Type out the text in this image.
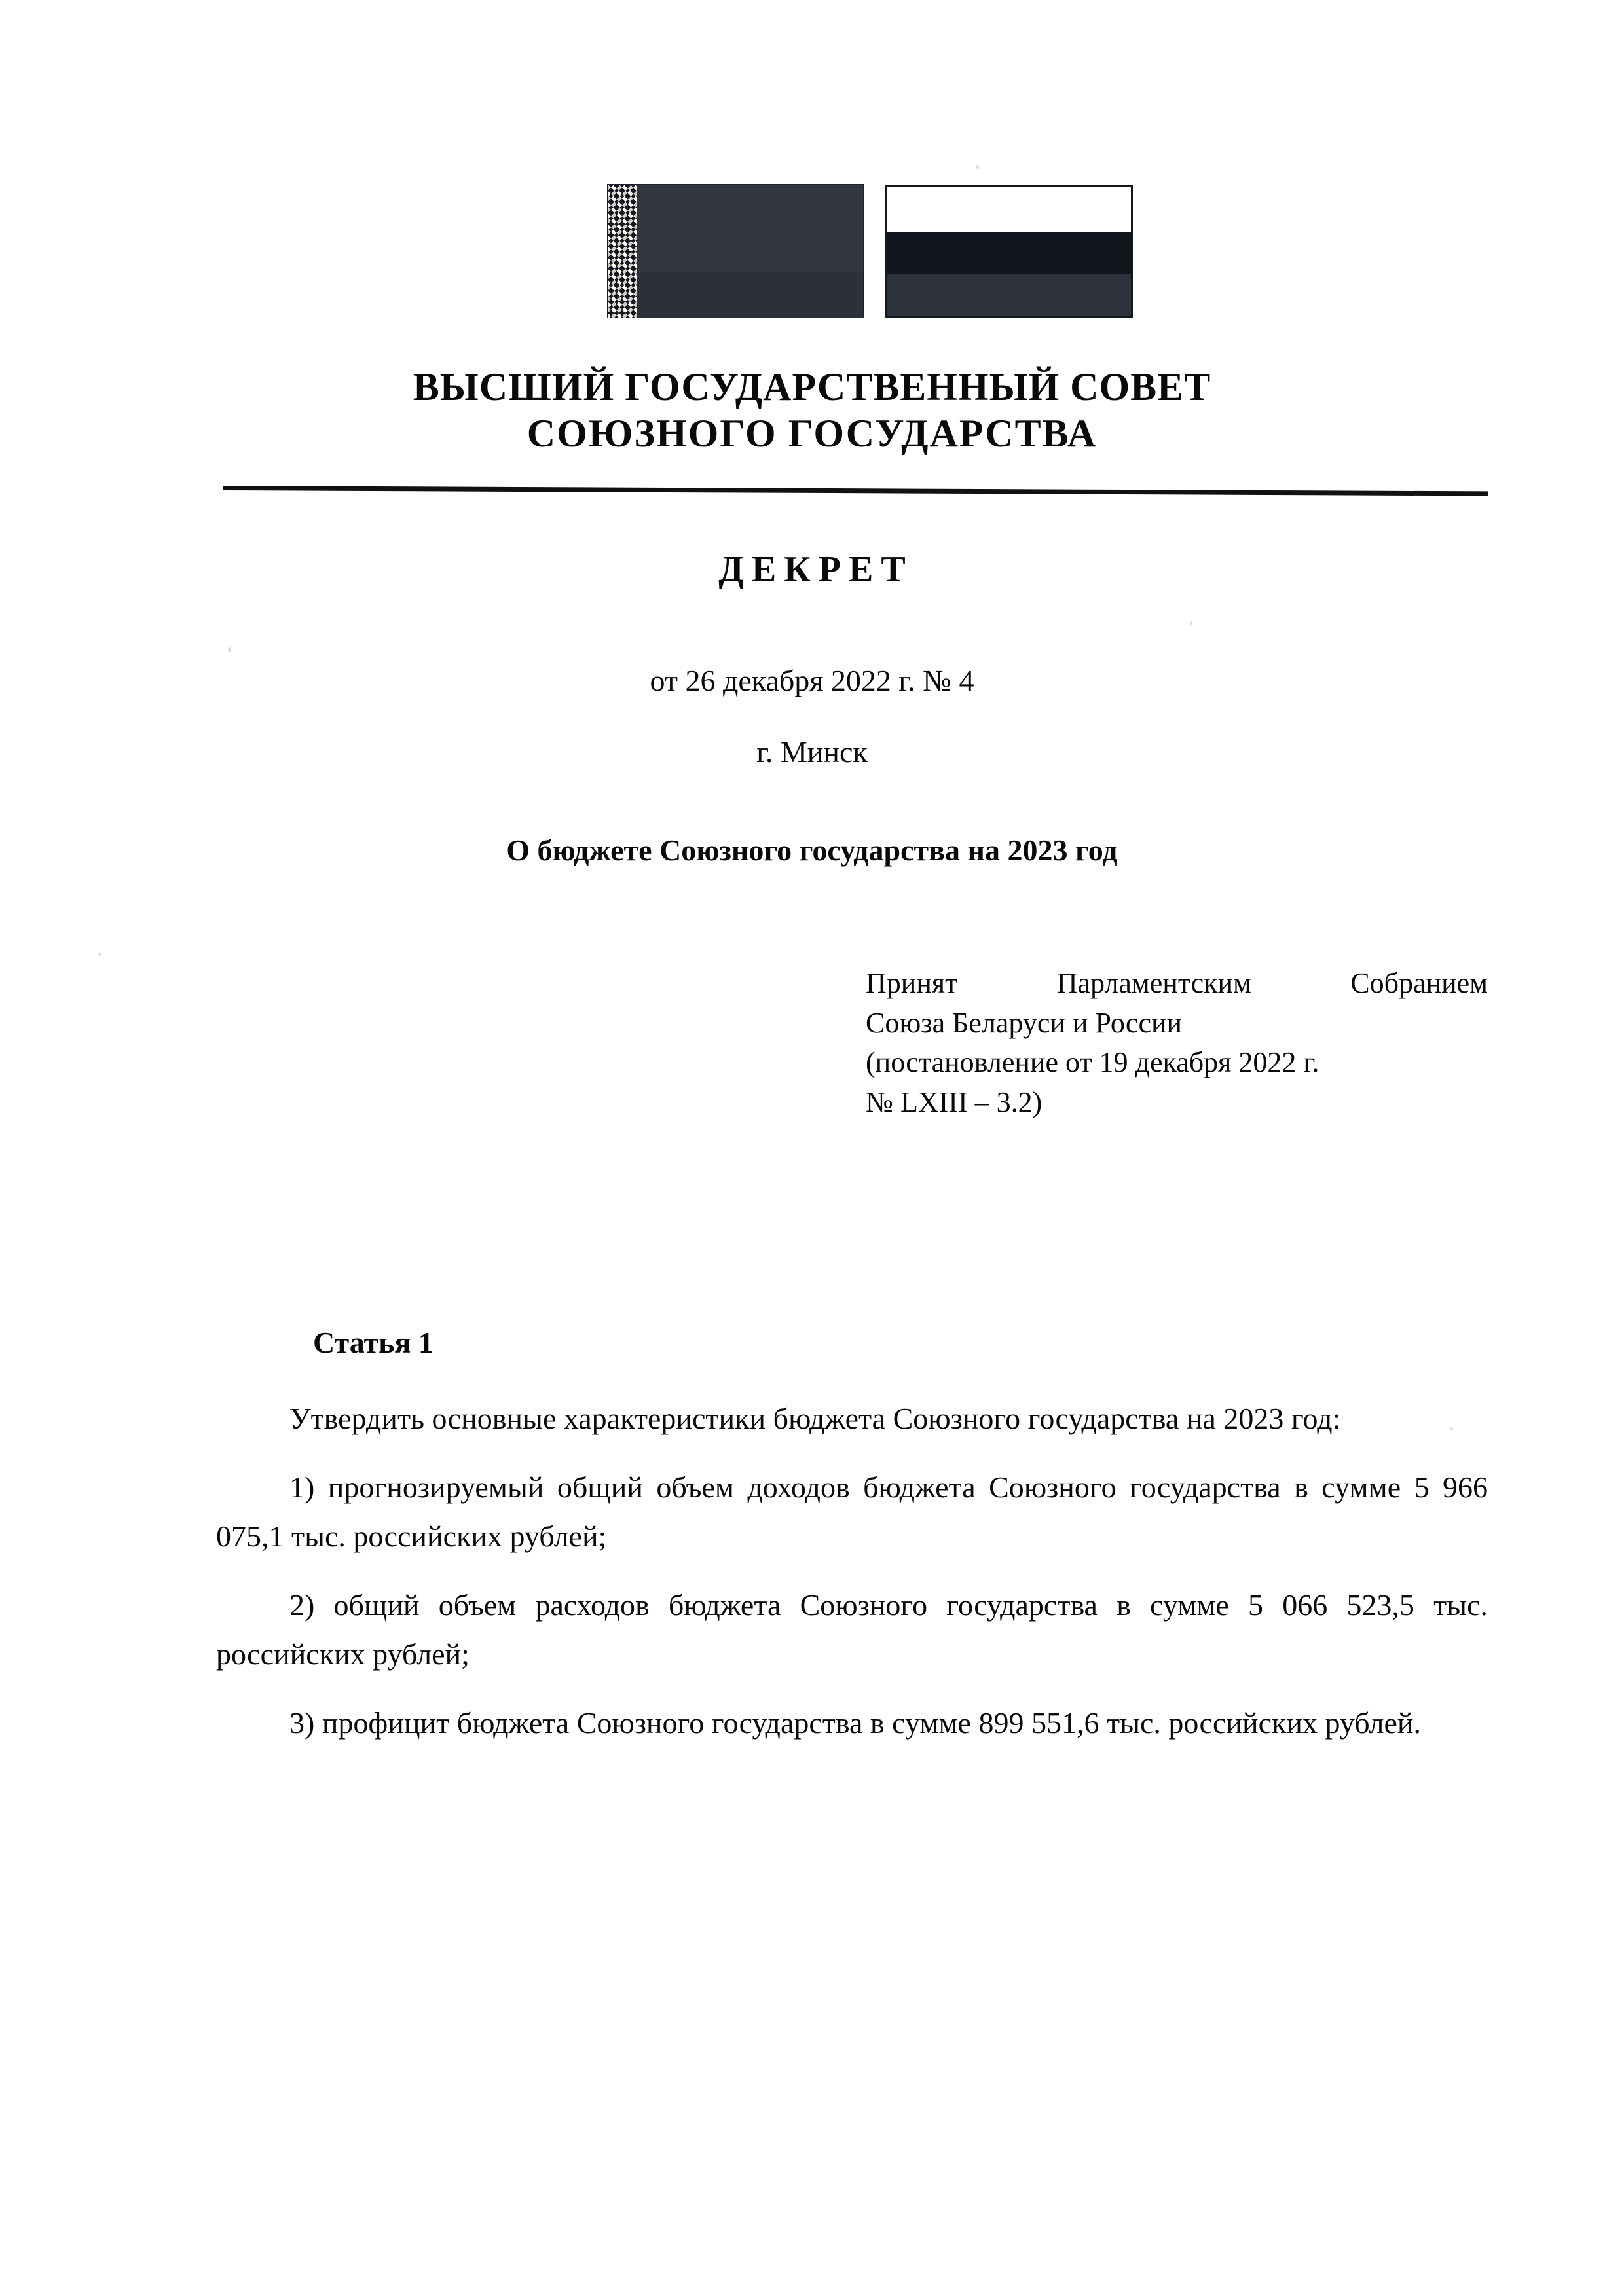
ВЫСШИЙ ГОСУДАРСТВЕННЫЙ СОВЕТ
СОЮЗНОГО ГОСУДАРСТВА
ДЕКРЕТ
от 26 декабря 2022 г. № 4
г. Минск
О бюджете Союзного государства на 2023 год
Принят Парламентским Собранием
Союза Беларуси и России
(постановление от 19 декабря 2022 г.
№ LXIII – 3.2)
Статья 1

Утвердить основные характеристики бюджета Союзного государства на 2023 год:

1) прогнозируемый общий объем доходов бюджета Союзного государства в сумме 5 966 075,1 тыс. российских рублей;

2) общий объем расходов бюджета Союзного государства в сумме 5 066 523,5 тыс. российских рублей;

3) профицит бюджета Союзного государства в сумме 899 551,6 тыс. российских рублей.
